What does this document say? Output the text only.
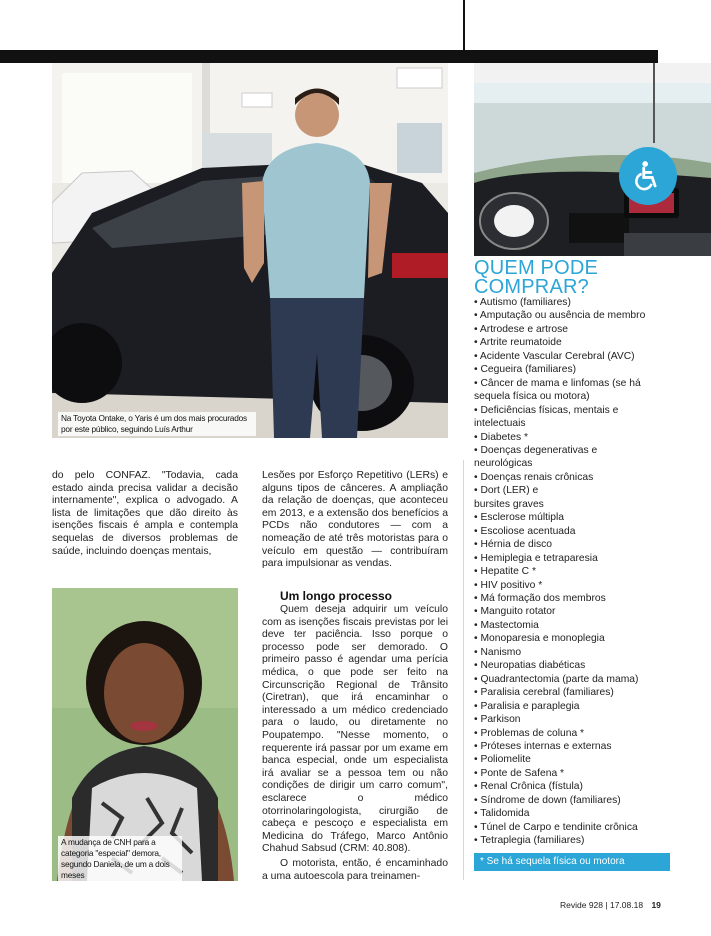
Na Toyota Ontake, o Yaris é um dos mais procurados por este público, seguindo Luís Arthur
QUEM PODE
COMPRAR?
• Autismo (familiares)
• Amputação ou ausência de membro
• Artrodese e artrose
• Artrite reumatoide
• Acidente Vascular Cerebral (AVC)
• Cegueira (familiares)
• Câncer de mama e linfomas (se há
sequela física ou motora)
• Deficiências físicas, mentais e
intelectuais
• Diabetes *
• Doenças degenerativas e
neurológicas
• Doenças renais crônicas
• Dort (LER) e
bursites graves
• Esclerose múltipla
• Escoliose acentuada
• Hérnia de disco
• Hemiplegia e tetraparesia
• Hepatite C *
• HIV positivo *
• Má formação dos membros
• Manguito rotator
• Mastectomia
• Monoparesia e monoplegia
• Nanismo
• Neuropatias diabéticas
• Quadrantectomia (parte da mama)
• Paralisia cerebral (familiares)
• Paralisia e paraplegia
• Parkison
• Problemas de coluna *
• Próteses internas e externas
• Poliomelite
• Ponte de Safena *
• Renal Crônica (fístula)
• Síndrome de down (familiares)
• Talidomida
• Túnel de Carpo e tendinite crônica
• Tetraplegia (familiares)
* Se há sequela física ou motora
do pelo CONFAZ. "Todavia, cada estado ainda precisa validar a decisão internamente", explica o advogado. A lista de limitações que dão direito às isenções fiscais é ampla e contempla sequelas de diversos problemas de saúde, incluindo doenças mentais,
Lesões por Esforço Repetitivo (LERs) e alguns tipos de cânceres. A ampliação da relação de doenças, que aconteceu em 2013, e a extensão dos benefícios a PCDs não condutores — com a nomeação de até três motoristas para o veículo em questão — contribuíram para impulsionar as vendas.
Um longo processo
Quem deseja adquirir um veículo com as isenções fiscais previstas por lei deve ter paciência. Isso porque o processo pode ser demorado. O primeiro passo é agendar uma perícia médica, o que pode ser feito na Circunscrição Regional de Trânsito (Ciretran), que irá encaminhar o interessado a um médico credenciado para o laudo, ou diretamente no Poupatempo. "Nesse momento, o requerente irá passar por um exame em banca especial, onde um especialista irá avaliar se a pessoa tem ou não condições de dirigir um carro comum", esclarece o médico otorrinolaringologista, cirurgião de cabeça e pescoço e especialista em Medicina do Tráfego, Marco Antônio Chahud Sabsud (CRM: 40.808).
O motorista, então, é encaminhado a uma autoescola para treinamen-
A mudança de CNH para a categoria "especial" demora, segundo Daniela, de um a dois meses
Revide 928 | 17.08.18 19
